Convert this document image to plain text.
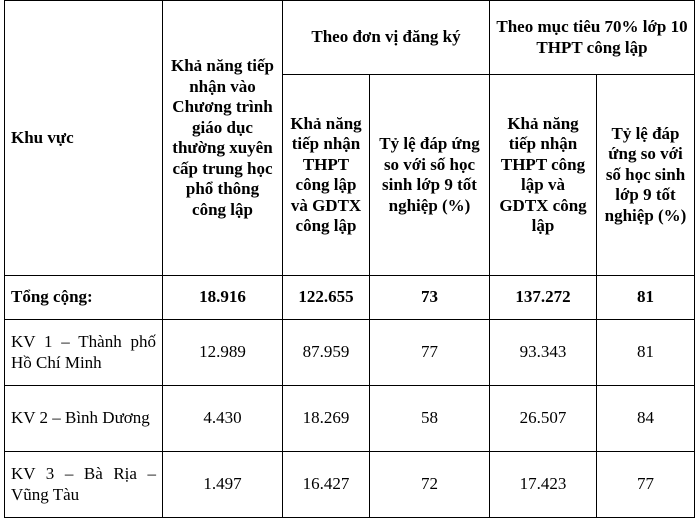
Khu vực	Khả năng tiếp nhận vào Chương trình giáo dục thường xuyên cấp trung học phổ thông công lập	Theo đơn vị đăng ký		Theo mục tiêu 70% lớp 10 THPT công lập	
		Khả năng tiếp nhận THPT công lập và GDTX công lập	Tỷ lệ đáp ứng so với số học sinh lớp 9 tốt nghiệp (%)	Khả năng tiếp nhận THPT công lập và GDTX công lập	Tỷ lệ đáp ứng so với số học sinh lớp 9 tốt nghiệp (%)
Tổng cộng:	18.916	122.655	73	137.272	81
KV 1 – Thành phố Hồ Chí Minh	12.989	87.959	77	93.343	81
KV 2 – Bình Dương	4.430	18.269	58	26.507	84
KV 3 – Bà Rịa – Vũng Tàu	1.497	16.427	72	17.423	77
